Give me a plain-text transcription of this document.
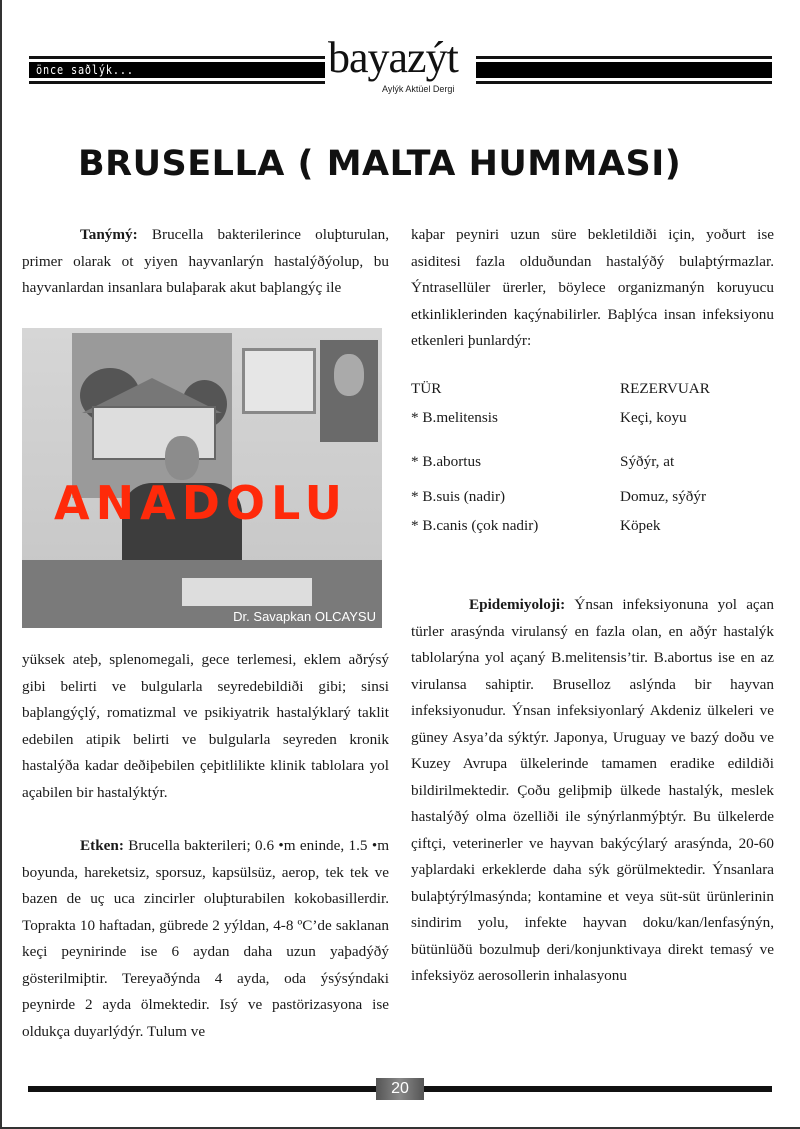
önce saðlýk...	bayazýt
Aylýk Aktüel Dergi
BRUSELLA ( MALTA HUMMASI)
Tanýmý: Brucella bakterilerince oluþturulan, primer olarak ot yiyen hayvanlarýn hastalýðýolup, bu hayvanlardan insanlara bulaþarak akut baþlangýç ile
ANADOLU
Dr. Savapkan OLCAYSU
yüksek ateþ, splenomegali, gece terlemesi, eklem aðrýsý gibi belirti ve bulgularla seyredebildiði gibi; sinsi baþlangýçlý, romatizmal ve psikiyatrik hastalýklarý taklit edebilen atipik belirti ve bulgularla seyreden kronik hastalýða kadar deðiþebilen çeþitlilikte klinik tablolara yol açabilen bir hastalýktýr.
Etken: Brucella bakterileri; 0.6 •m eninde, 1.5 •m boyunda, hareketsiz, sporsuz, kapsülsüz, aerop, tek tek ve bazen de uç uca zincirler oluþturabilen kokobasillerdir. Toprakta 10 haftadan, gübrede 2 yýldan, 4-8 ºC’de saklanan keçi peynirinde ise 6 aydan daha uzun yaþadýðý gösterilmiþtir. Tereyaðýnda 4 ayda, oda ýsýsýndaki peynirde 2 ayda ölmektedir. Isý ve pastörizasyona ise oldukça duyarlýdýr. Tulum ve
kaþar peyniri uzun süre bekletildiði için, yoðurt ise asiditesi fazla olduðundan hastalýðý bulaþtýrmazlar. Ýntrasellüler ürerler, böylece organizmanýn koruyucu etkinliklerinden kaçýnabilirler. Baþlýca insan infeksiyonu etkenleri þunlardýr:
TÜR	REZERVUAR
* B.melitensis	Keçi, koyu
* B.abortus	Sýðýr, at
* B.suis (nadir)	Domuz, sýðýr
* B.canis (çok nadir)	Köpek
Epidemiyoloji: Ýnsan infeksiyonuna yol açan türler arasýnda virulansý en fazla olan, en aðýr hastalýk tablolarýna yol açaný B.melitensis’tir. B.abortus ise en az virulansa sahiptir. Bruselloz aslýnda bir hayvan infeksiyonudur. Ýnsan infeksiyonlarý Akdeniz ülkeleri ve güney Asya’da sýktýr. Japonya, Uruguay ve bazý doðu ve Kuzey Avrupa ülkelerinde tamamen eradike edildiði bildirilmektedir. Çoðu geliþmiþ ülkede hastalýk, meslek hastalýðý olma özelliði ile sýnýrlanmýþtýr. Bu ülkelerde çiftçi, veterinerler ve hayvan bakýcýlarý arasýnda, 20-60 yaþlardaki erkeklerde daha sýk görülmektedir. Ýnsanlara bulaþtýrýlmasýnda; kontamine et veya süt-süt ürünlerinin sindirim yolu, infekte hayvan doku/kan/lenfasýnýn, bütünlüðü bozulmuþ deri/konjunktivaya direkt temasý ve infeksiyöz aerosollerin inhalasyonu
20
